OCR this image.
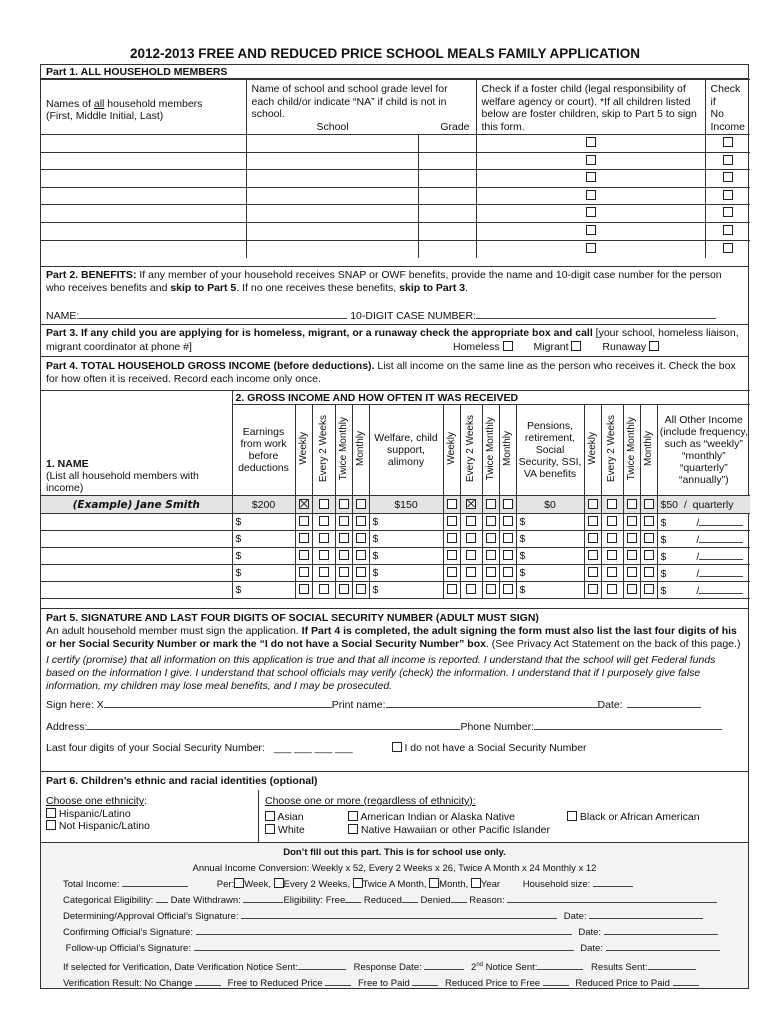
2012-2013 FREE AND REDUCED PRICE SCHOOL MEALS FAMILY APPLICATION
Part 1. ALL HOUSEHOLD MEMBERS
Names of all household members
(First, Middle Initial, Last)	Name of school and school grade level for each child/or indicate “NA” if child is not in school.
School Grade		Check if a foster child (legal responsibility of welfare agency or court). *If all children listed below are foster children, skip to Part 5 to sign this form.	Check if No Income

Part 2. BENEFITS: If any member of your household receives SNAP or OWF benefits, provide the name and 10-digit case number for the person who receives benefits and skip to Part 5. If no one receives these benefits, skip to Part 3.
NAME:	10-DIGIT CASE NUMBER:
Part 3. If any child you are applying for is homeless, migrant, or a runaway check the appropriate box and call [your school, homeless liaison, migrant coordinator at phone #]	Homeless	Migrant	Runaway
Part 4. TOTAL HOUSEHOLD GROSS INCOME (before deductions). List all income on the same line as the person who receives it. Check the box for how often it is received. Record each income only once.
1. NAME
(List all household members with income)	2. GROSS INCOME AND HOW OFTEN IT WAS RECEIVED															
	Earnings from work before deductions	Weekly	Every 2 Weeks	Twice Monthly	Monthly	Welfare, child support, alimony	Weekly	Every 2 Weeks	Twice Monthly	Monthly	Pensions, retirement, Social Security, SSI, VA benefits	Weekly	Every 2 Weeks	Twice Monthly	Monthly	All Other Income (include frequency, such as “weekly” “monthly” “quarterly” “annually”)
(Example) Jane Smith	$200					$150					$0					$50  /  quarterly
	$					$					$					$ /
	$					$					$					$ /
	$					$					$					$ /
	$					$					$					$ /
	$					$					$					$ /
Part 5. SIGNATURE AND LAST FOUR DIGITS OF SOCIAL SECURITY NUMBER (ADULT MUST SIGN)
An adult household member must sign the application. If Part 4 is completed, the adult signing the form must also list the last four digits of his or her Social Security Number or mark the “I do not have a Social Security Number” box. (See Privacy Act Statement on the back of this page.)
I certify (promise) that all information on this application is true and that all income is reported. I understand that the school will get Federal funds based on the information I give. I understand that school officials may verify (check) the information. I understand that if I purposely give false information, my children may lose meal benefits, and I may be prosecuted.
Sign here: X	Print name:	Date:
Address:	Phone Number:
Last four digits of your Social Security Number: ___ ___ ___ ___	I do not have a Social Security Number
Part 6. Children’s ethnic and racial identities (optional)
Choose one ethnicity:
Hispanic/Latino
Not Hispanic/Latino
Choose one or more (regardless of ethnicity):
Asian	American Indian or Alaska Native	Black or African American
White	Native Hawaiian or other Pacific Islander
Don’t fill out this part. This is for school use only.
Annual Income Conversion: Weekly x 52, Every 2 Weeks x 26, Twice A Month x 24 Monthly x 12
Total Income:	Per: Week, Every 2 Weeks, Twice A Month, Month, Year Household size:
Categorical Eligibility: Date Withdrawn:	Eligibility: Free Reduced Denied Reason:
Determining/Approval Official’s Signature:	Date:
Confirming Official’s Signature:	Date:
Follow-up Official’s Signature:	Date:
If selected for Verification, Date Verification Notice Sent:	Response Date:	2nd Notice Sent:	Results Sent:
Verification Result: No Change	Free to Reduced Price	Free to Paid	Reduced Price to Free	Reduced Price to Paid
